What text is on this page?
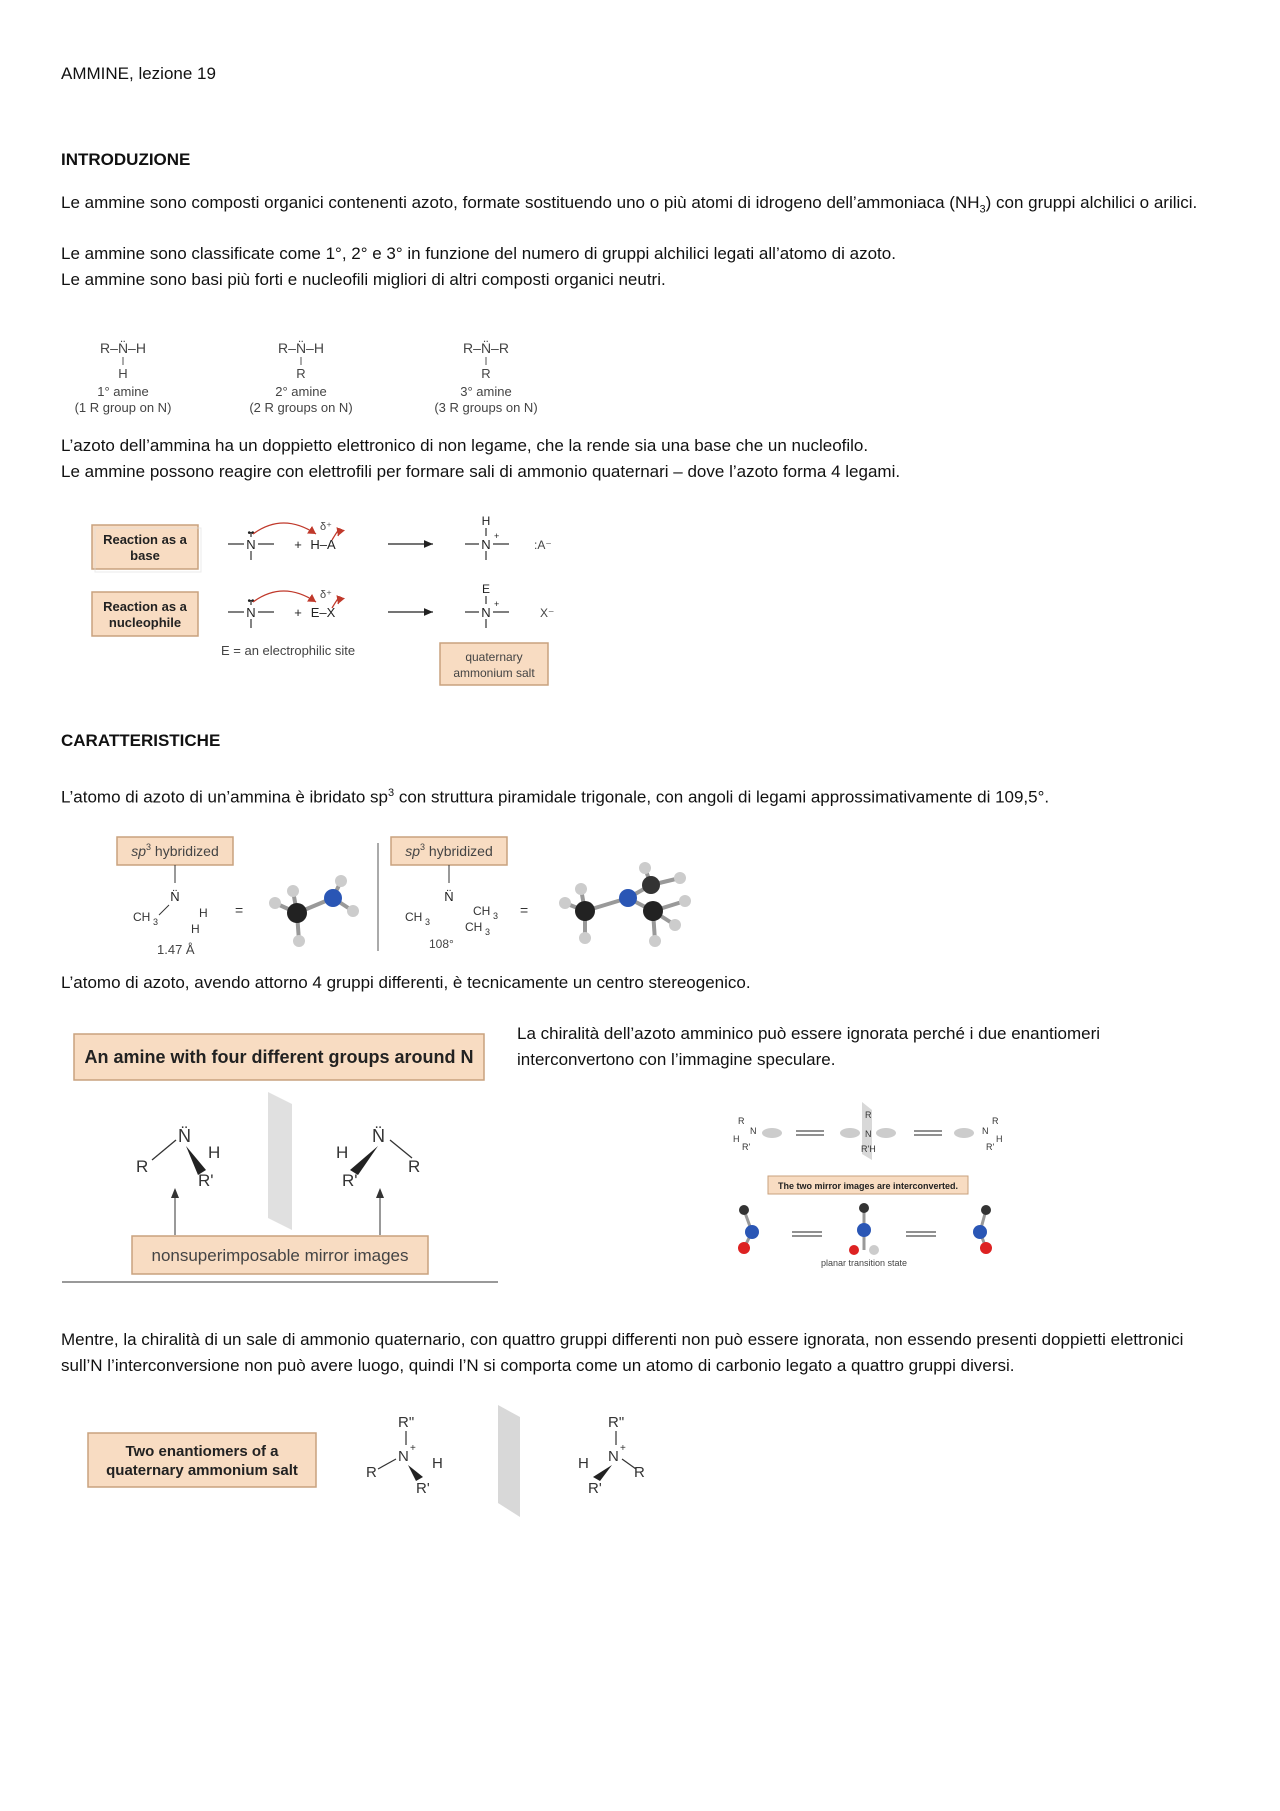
AMMINE, lezione 19
INTRODUZIONE
Le ammine sono composti organici contenenti azoto, formate sostituendo uno o più atomi di idrogeno dell’ammoniaca $(NH_3)$ con gruppi alchilici o arilici.
Le ammine sono classificate come 1°, 2° e 3° in funzione del numero di gruppi alchilici legati all’atomo di azoto.
Le ammine sono basi più forti e nucleofili migliori di altri composti organici neutri.
L’azoto dell’ammina ha un doppietto elettronico di non legame, che la rende sia una base che un nucleofilo.
Le ammine possono reagire con elettrofili per formare sali di ammonio quaternari – dove l’azoto forma 4 legami.
CARATTERISTICHE
L’atomo di azoto di un’ammina è ibridato $sp^3$ con struttura piramidale trigonale, con angoli di legami approssimativamente di 109,5°.
L’atomo di azoto, avendo attorno 4 gruppi differenti, è tecnicamente un centro stereogenico.
La chiralità dell’azoto amminico può essere ignorata perché i due enantiomeri
interconvertono con l’immagine speculare.
Mentre, la chiralità di un sale di ammonio quaternario, con quattro gruppi differenti non può essere ignorata, non essendo presenti doppietti elettronici sull’N l’interconversione non può avere luogo, quindi l’N si comporta come un atomo di carbonio legato a quattro gruppi diversi.
R–N̈–H
H
1° amine
(1 R group on N)
R–N̈–H
R
2° amine
(2 R groups on N)
R–N̈–R
R
3° amine
(3 R groups on N)
Reaction as a
base
Reaction as a
nucleophile
N
••
+ H–A
δ⁺	H
N
+
:A⁻
N
••
+ E–X
δ⁺	E
N
+
X⁻
E = an electrophilic site	quaternary
ammonium salt
$sp^3$ hybridized
N̈
CH 3
H
H
1.47 Å
=
$sp^3$ hybridized
N̈
CH 3
CH 3
CH 3
108°
=
An amine with four different groups around N
N̈
R
H
R'
N̈
H
R
R'
nonsuperimposable mirror images
R
N
H
R'
R
N
R'H
N
R
H
R'
The two mirror images are interconverted.
planar transition state
Two enantiomers of a
quaternary ammonium salt
R"
N +
R
H
R'
R"
N +
H
R
R'
